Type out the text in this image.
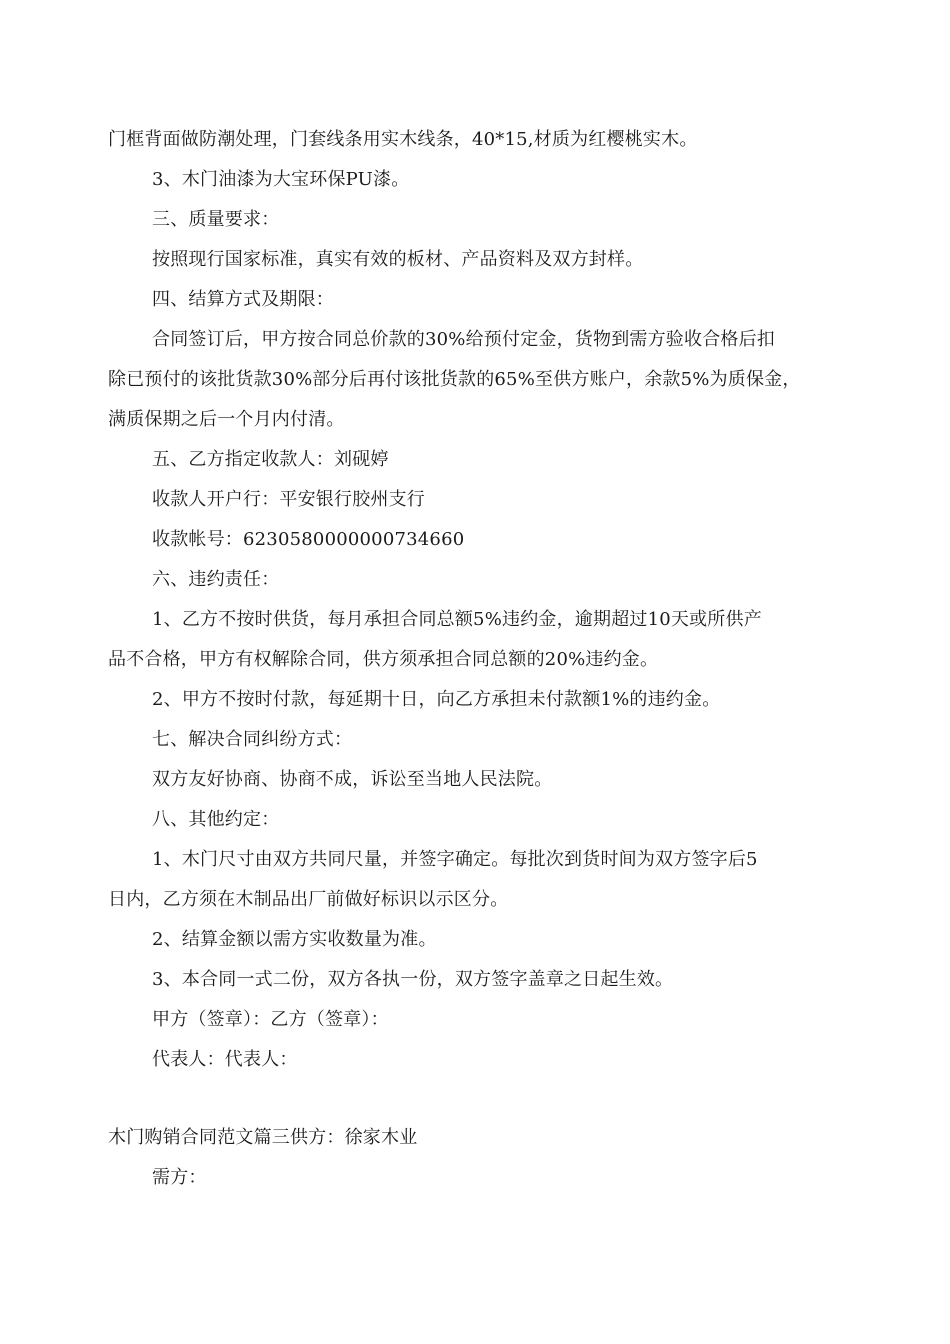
门框背面做防潮处理，门套线条用实木线条，40*15,材质为红樱桃实木。
3、木门油漆为大宝环保PU漆。
三、质量要求：
按照现行国家标准，真实有效的板材、产品资料及双方封样。
四、结算方式及期限：
合同签订后，甲方按合同总价款的30%给预付定金，货物到需方验收合格后扣
除已预付的该批货款30%部分后再付该批货款的65%至供方账户，余款5%为质保金，
满质保期之后一个月内付清。
五、乙方指定收款人：刘砚婷
收款人开户行：平安银行胶州支行
收款帐号：6230580000000734660
六、违约责任：
1、乙方不按时供货，每月承担合同总额5%违约金，逾期超过10天或所供产
品不合格，甲方有权解除合同，供方须承担合同总额的20%违约金。
2、甲方不按时付款，每延期十日，向乙方承担未付款额1%的违约金。
七、解决合同纠纷方式：
双方友好协商、协商不成，诉讼至当地人民法院。
八、其他约定：
1、木门尺寸由双方共同尺量，并签字确定。每批次到货时间为双方签字后5
日内，乙方须在木制品出厂前做好标识以示区分。
2、结算金额以需方实收数量为准。
3、本合同一式二份，双方各执一份，双方签字盖章之日起生效。
甲方（签章）：乙方（签章）：
代表人：代表人：
木门购销合同范文篇三供方：徐家木业
需方：
